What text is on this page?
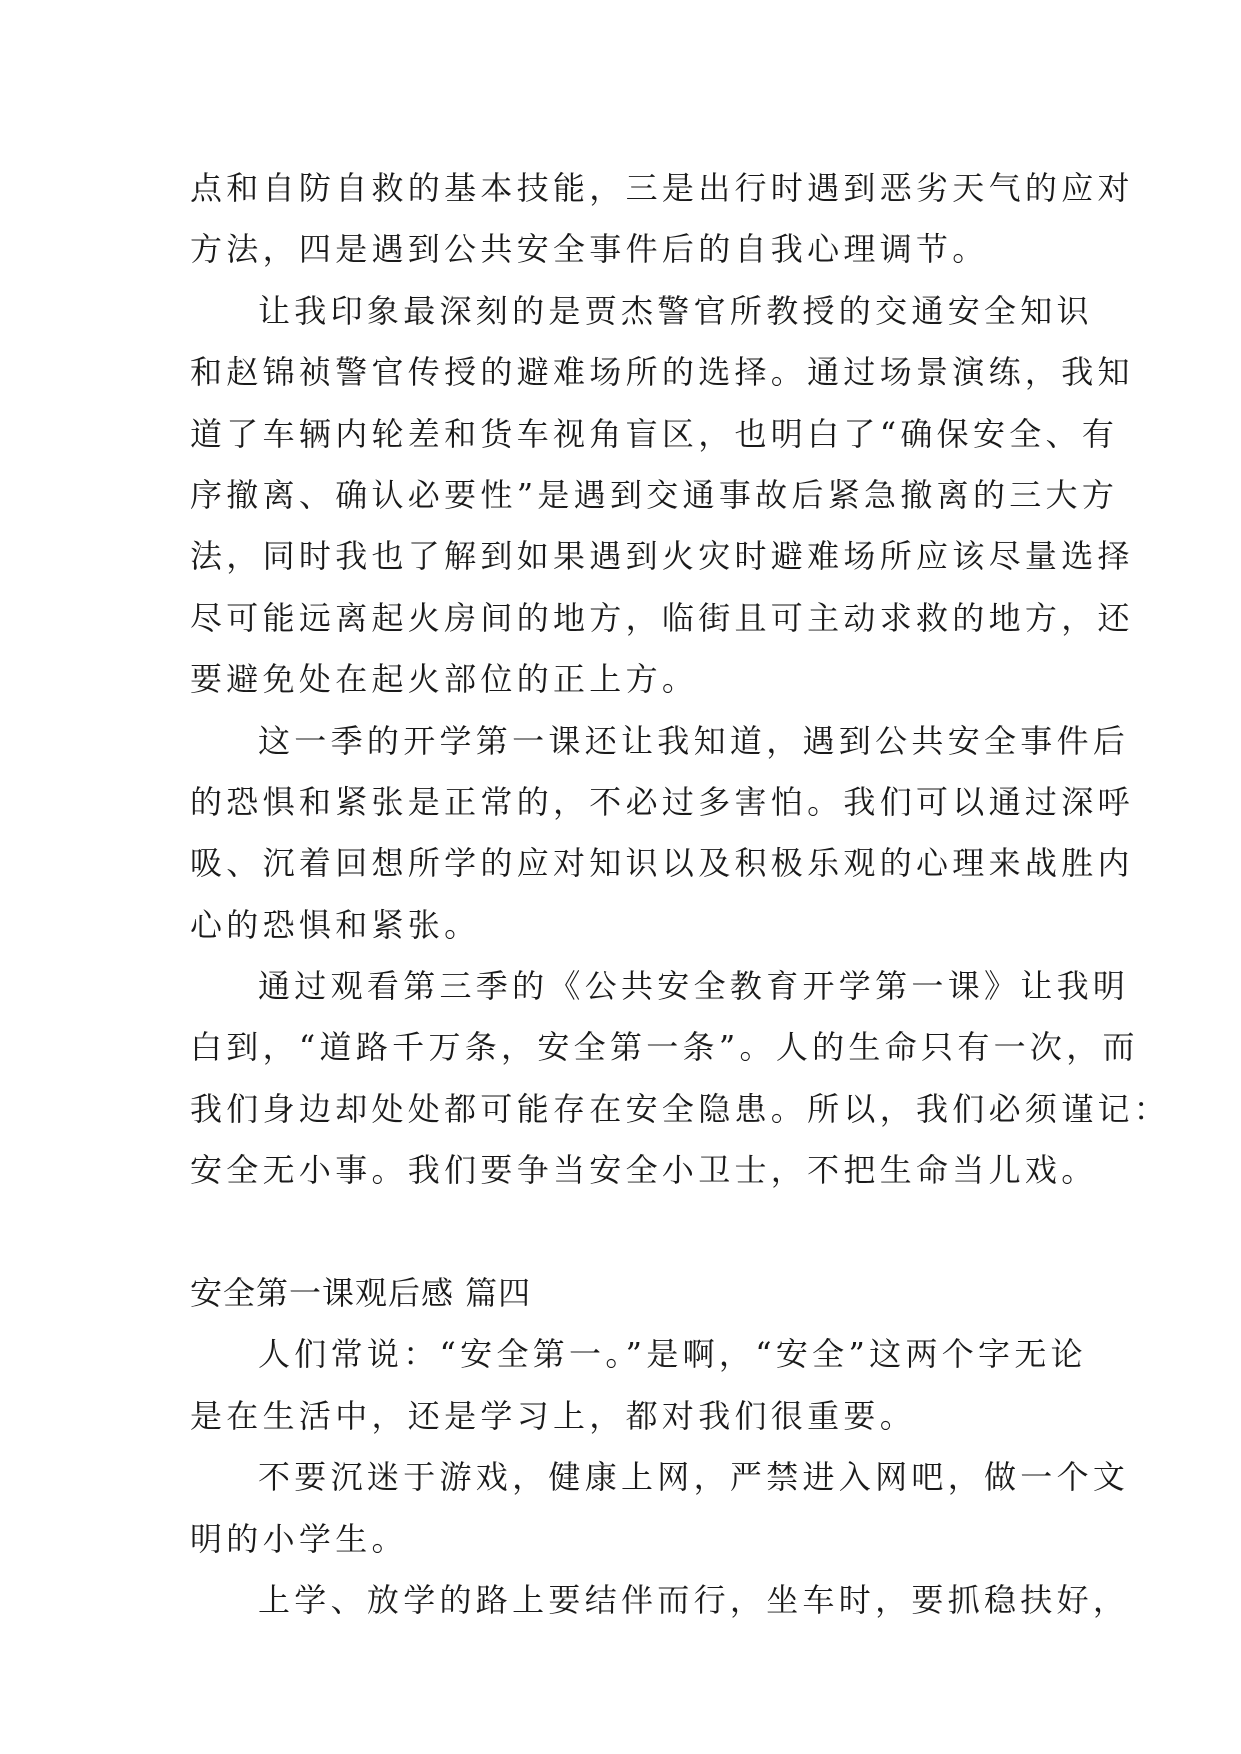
点和自防自救的基本技能，三是出行时遇到恶劣天气的应对
方法，四是遇到公共安全事件后的自我心理调节。
让我印象最深刻的是贾杰警官所教授的交通安全知识
和赵锦祯警官传授的避难场所的选择。通过场景演练，我知
道了车辆内轮差和货车视角盲区，也明白了“确保安全、有
序撤离、确认必要性”是遇到交通事故后紧急撤离的三大方
法，同时我也了解到如果遇到火灾时避难场所应该尽量选择
尽可能远离起火房间的地方，临街且可主动求救的地方，还
要避免处在起火部位的正上方。
这一季的开学第一课还让我知道，遇到公共安全事件后
的恐惧和紧张是正常的，不必过多害怕。我们可以通过深呼
吸、沉着回想所学的应对知识以及积极乐观的心理来战胜内
心的恐惧和紧张。
通过观看第三季的《公共安全教育开学第一课》让我明
白到，“道路千万条，安全第一条”。人的生命只有一次，而
我们身边却处处都可能存在安全隐患。所以，我们必须谨记：
安全无小事。我们要争当安全小卫士，不把生命当儿戏。
安全第一课观后感 篇四
人们常说：“安全第一。”是啊，“安全”这两个字无论
是在生活中，还是学习上，都对我们很重要。
不要沉迷于游戏，健康上网，严禁进入网吧，做一个文
明的小学生。
上学、放学的路上要结伴而行，坐车时，要抓稳扶好，
